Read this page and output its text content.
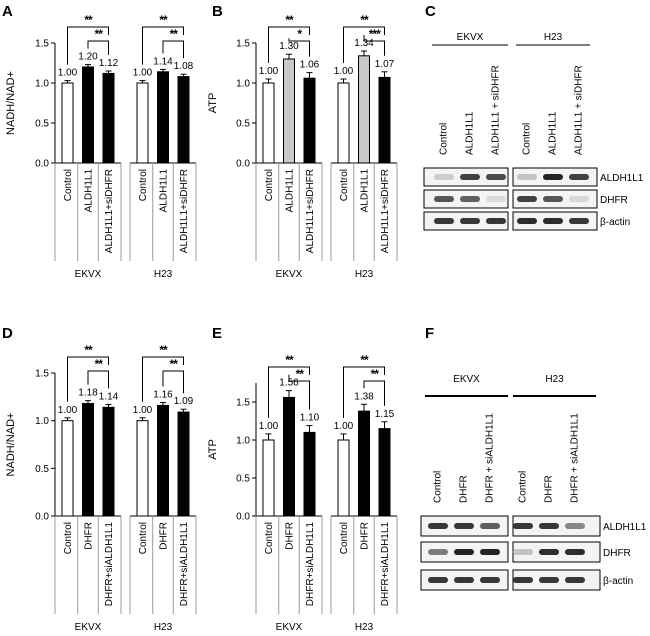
A	B	C
D	E	F
0.0
0.5
1.0
1.5
NADH/NAD+	1.00
Control
1.20
ALDH1L1
1.12
ALDH1L1+siDHFR
1.00
Control
1.14
ALDH1L1
1.08
ALDH1L1+siDHFR
EKVX	H23
**
**
**
**
0.0
0.5
1.0
1.5
ATP
1.00
Control
1.30
ALDH1L1
1.06
ALDH1L1+siDHFR
1.00
Control
1.34
ALDH1L1
1.07
ALDH1L1+siDHFR
EKVX	H23
**
*
**
***
0.0
0.5
1.0
1.5
NADH/NAD+
1.00
Control
1.18
DHFR
1.14
DHFR+siALDH1L1
1.00
Control
1.16
DHFR
1.09
DHFR+siALDH1L1
EKVX	H23
**
**
**
**
0.0
0.5
1.0
1.5
ATP
1.00
Control
1.56
DHFR
1.10
DHFR+siALDH1L1
1.00
Control
1.38
DHFR
1.15
DHFR+siALDH1L1
EKVX	H23
**
**
**
**
EKVX
Control ALDH1L1 ALDH1L1 + siDHFR
H23
Control ALDH1L1 ALDH1L1 + siDHFR
ALDH1L1
DHFR
β-actin
EKVX
Control DHFR DHFR + siALDH1L1
H23
Control DHFR DHFR + siALDH1L1
ALDH1L1
DHFR
β-actin
